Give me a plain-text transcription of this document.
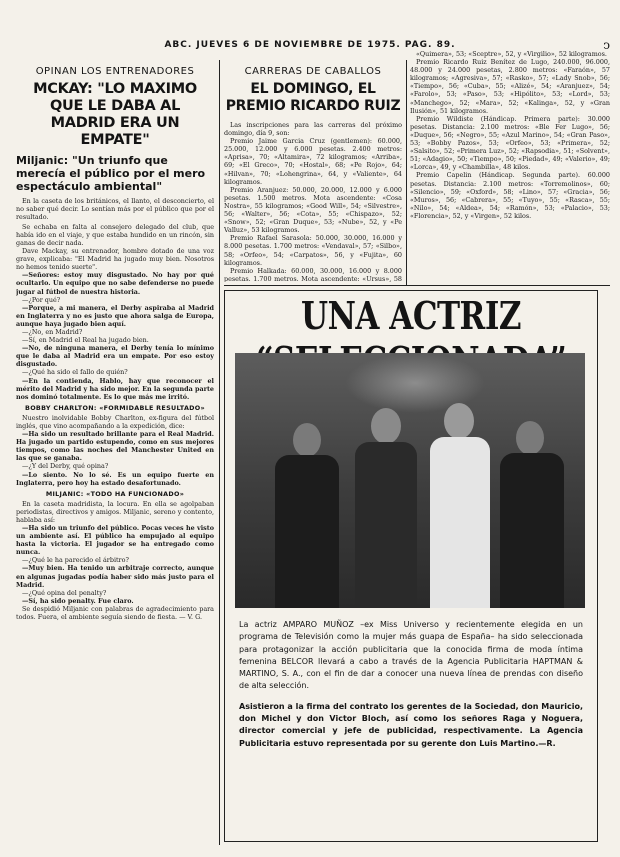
ABC. JUEVES 6 DE NOVIEMBRE DE 1975. PAG. 89.	ↄ
OPINAN LOS ENTRENADORES
MCKAY: "LO MAXIMO QUE LE DABA AL MADRID ERA UN EMPATE"
Miljanic: "Un triunfo que merecía el público por el mero espectáculo ambiental"

En la caseta de los británicos, el llanto, el desconcierto, el no saber qué decir. Lo sentían más por el público que por el resultado.

Se echaba en falta al consejero delegado del club, que había ido en el viaje, y que estaba hundido en un rincón, sin ganas de decir nada.

Dave Mackay, su entrenador, hombre dotado de una voz grave, explicaba: "El Madrid ha jugado muy bien. Nosotros no hemos tenido suerte".

—Señores: estoy muy disgustado. No hay por qué ocultarlo. Un equipo que no sabe defenderse no puede jugar al fútbol de nuestra historia.

—¿Por qué?

—Porque, a mi manera, el Derby aspiraba al Madrid en Inglaterra y no es justo que ahora salga de Europa, aunque haya jugado bien aquí.

—¿No, en Madrid?

—Sí, en Madrid el Real ha jugado bien.

—No, de ninguna manera, el Derby tenía lo mínimo que le daba al Madrid era un empate. Por eso estoy disgustado.

—¿Qué ha sido el fallo de quién?

—En la contienda, Hablo, hay que reconocer el mérito del Madrid y ha sido mejor. En la segunda parte nos dominó totalmente. Es lo que más me irritó.

BOBBY CHARLTON: «FORMIDABLE RESULTADO»

Nuestro inolvidable Bobby Charlton, ex-figura del fútbol inglés, que vino acompañando a la expedición, dice:

—Ha sido un resultado brillante para el Real Madrid. Ha jugado un partido estupendo, como en sus mejores tiempos, como las noches del Manchester United en las que se ganaba.

—¿Y del Derby, qué opina?

—Lo siento. No lo sé. Es un equipo fuerte en Inglaterra, pero hoy ha estado desafortunado.

MILJANIC: «TODO HA FUNCIONADO»

En la caseta madridista, la locura. En ella se agolpaban periodistas, directivos y amigos. Miljanic, sereno y contento, hablaba así:

—Ha sido un triunfo del público. Pocas veces he visto un ambiente así. El público ha empujado al equipo hasta la victoria. El jugador se ha entregado como nunca.

—¿Qué le ha parecido el árbitro?

—Muy bien. Ha tenido un arbitraje correcto, aunque en algunas jugadas podía haber sido más justo para el Madrid.

—¿Qué opina del penalty?

—Sí, ha sido penalty. Fue claro.

Se despidió Miljanic con palabras de agradecimiento para todos. Fuera, el ambiente seguía siendo de fiesta. — V. G.

CARRERAS DE CABALLOS
EL DOMINGO, EL PREMIO RICARDO RUIZ

Las inscripciones para las carreras del próximo domingo, día 9, son:

Premio Jaime Garcia Cruz (gentlemen): 60.000, 25.000, 12.000 y 6.000 pesetas. 2.400 metros: «Aprisa», 70; «Altamira», 72 kilogramos; «Arriba», 69; «El Greco», 70; «Hostal», 68; «Pe Rojo», 64; «Hilvan», 70; «Lohengrina», 64, y «Valiente», 64 kilogramos.

Premio Aranjuez: 50.000, 20.000, 12.000 y 6.000 pesetas. 1.500 metros. Mota ascendente: «Cosa Nostra», 55 kilogramos; «Good Will», 54; «Silvestre», 56; «Walter», 56; «Cota», 55; «Chispazo», 52; «Snow», 52; «Gran Duque», 53; «Nube», 52, y «Pe Valluz», 53 kilogramos.

Premio Rafael Sarasola: 50.000, 30.000, 16.000 y 8.000 pesetas. 1.700 metros: «Vendaval», 57; «Silbo», 58; «Orfeo», 54; «Carpatos», 56, y «Fujita», 60 kilogramos.

Premio Halkada: 60.000, 30.000, 16.000 y 8.000 pesetas. 1.700 metros. Mota ascendente: «Ursus», 58

«Quimera», 53; «Sceptre», 52, y «Virgilio», 52 kilogramos.

Premio Ricardo Ruiz Benítez de Lugo, 240.000, 96.000, 48.000 y 24.000 pesetas, 2.800 metros: «Faraón», 57 kilogramos; «Agresiva», 57; «Rasko», 57; «Lady Snob», 56; «Tiempo», 56; «Cuba», 55; «Alizé», 54; «Aranjuez», 54; «Farolo», 53; «Paso», 53; «Hipólito», 53; «Lord», 53; «Manchego», 52; «Mara», 52; «Kalinga», 52, y «Gran Ilusión», 51 kilogramos.

Premio Wildiste (Hándicap. Primera parte): 30.000 pesetas. Distancia: 2.100 metros: «Ble Fer Lugo», 56; «Duque», 56; «Negro», 55; «Azul Marino», 54; «Gran Paso», 53; «Bobby Pazos», 53; «Orfeo», 53; «Primera», 52; «Salsito», 52; «Primera Luz», 52; «Rapsodia», 51; «Solvent», 51; «Adagio», 50; «Tiempo», 50; «Piedad», 49; «Valerio», 49; «Lorca», 49, y «Chambilla», 48 kilos.

Premio Capelin (Hándicap. Segunda parte). 60.000 pesetas. Distancia: 2.100 metros: «Torremolinos», 60; «Silencio», 59; «Oxford», 58; «Lino», 57; «Gracia», 56; «Muros», 56; «Cabrera», 55; «Tuyo», 55; «Rasca», 55; «Nilo», 54; «Aldea», 54; «Ramón», 53; «Palacio», 53; «Florencia», 52, y «Virgen», 52 kilos.

UNA ACTRIZ

La actriz AMPARO MUÑOZ –ex Miss Universo y recientemente elegida en un programa de Televisión como la mujer más guapa de España– ha sido seleccionada para protagonizar la acción publicitaria que la conocida firma de moda íntima femenina BELCOR llevará a cabo a través de la Agencia Publicitaria HAPTMAN & MARTINO, S. A., con el fin de dar a conocer una nueva línea de prendas con diseño de alta selección.

Asistieron a la firma del contrato los gerentes de la Sociedad, don Mauricio, don Michel y don Victor Bloch, así como los señores Raga y Noguera, director comercial y jefe de publicidad, respectivamente. La Agencia Publicitaria estuvo representada por su gerente don Luis Martino.—R.
